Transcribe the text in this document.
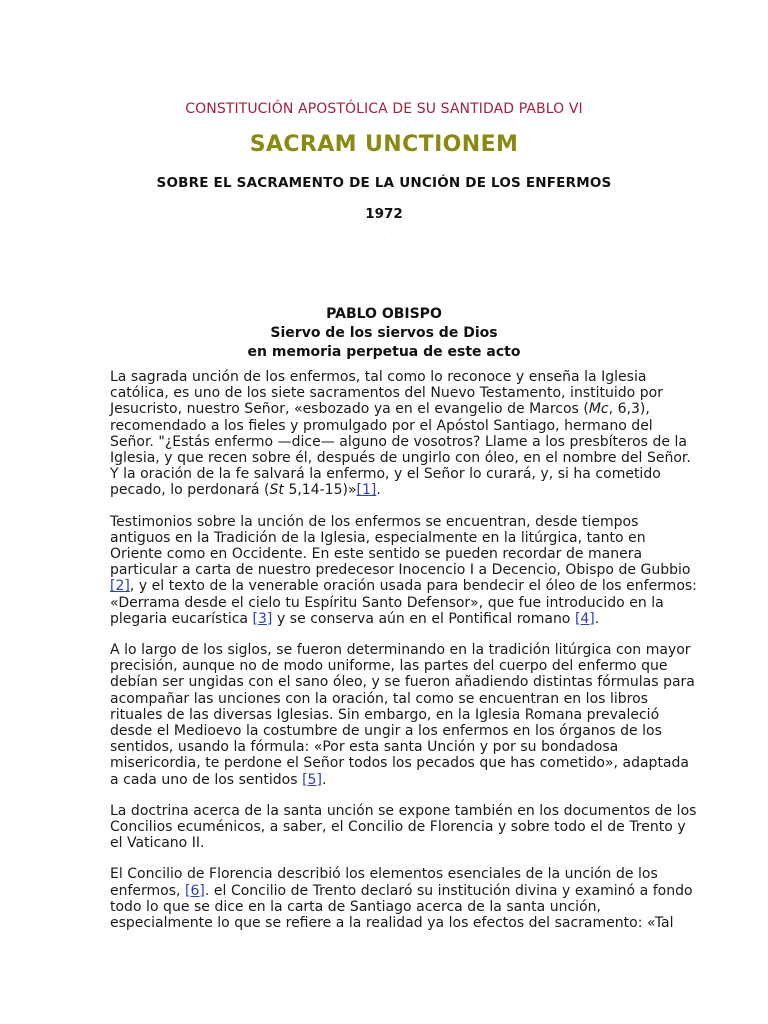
CONSTITUCIÓN APOSTÓLICA DE SU SANTIDAD PABLO VI
SACRAM UNCTIONEM
SOBRE EL SACRAMENTO DE LA UNCIÓN DE LOS ENFERMOS
1972
.
PABLO OBISPO
Siervo de los siervos de Dios
en memoria perpetua de este acto

La sagrada unción de los enfermos, tal como lo reconoce y enseña la Iglesia católica, es uno de los siete sacramentos del Nuevo Testamento, instituido por Jesucristo, nuestro Señor, «esbozado ya en el evangelio de Marcos (Mc, 6,3), recomendado a los fieles y promulgado por el Apóstol Santiago, hermano del Señor. "¿Estás enfermo —dice— alguno de vosotros? Llame a los presbíteros de la Iglesia, y que recen sobre él, después de ungirlo con óleo, en el nombre del Señor. Y la oración de la fe salvará la enfermo, y el Señor lo curará, y, si ha cometido pecado, lo perdonará (St 5,14-15)»[1].

Testimonios sobre la unción de los enfermos se encuentran, desde tiempos antiguos en la Tradición de la Iglesia, especialmente en la litúrgica, tanto en Oriente como en Occidente. En este sentido se pueden recordar de manera particular a carta de nuestro predecesor Inocencio I a Decencio, Obispo de Gubbio [2], y el texto de la venerable oración usada para bendecir el óleo de los enfermos: «Derrama desde el cielo tu Espíritu Santo Defensor», que fue introducido en la plegaria eucarística [3] y se conserva aún en el Pontifical romano [4].

A lo largo de los siglos, se fueron determinando en la tradición litúrgica con mayor precisión, aunque no de modo uniforme, las partes del cuerpo del enfermo que debían ser ungidas con el sano óleo, y se fueron añadiendo distintas fórmulas para acompañar las unciones con la oración, tal como se encuentran en los libros rituales de las diversas Iglesias. Sin embargo, en la Iglesia Romana prevaleció desde el Medioevo la costumbre de ungir a los enfermos en los órganos de los sentidos, usando la fórmula: «Por esta santa Unción y por su bondadosa misericordia, te perdone el Señor todos los pecados que has cometido», adaptada a cada uno de los sentidos [5].

La doctrina acerca de la santa unción se expone también en los documentos de los Concilios ecuménicos, a saber, el Concilio de Florencia y sobre todo el de Trento y el Vaticano II.

El Concilio de Florencia describió los elementos esenciales de la unción de los enfermos, [6]. el Concilio de Trento declaró su institución divina y examinó a fondo todo lo que se dice en la carta de Santiago acerca de la santa unción, especialmente lo que se refiere a la realidad ya los efectos del sacramento: «Tal
